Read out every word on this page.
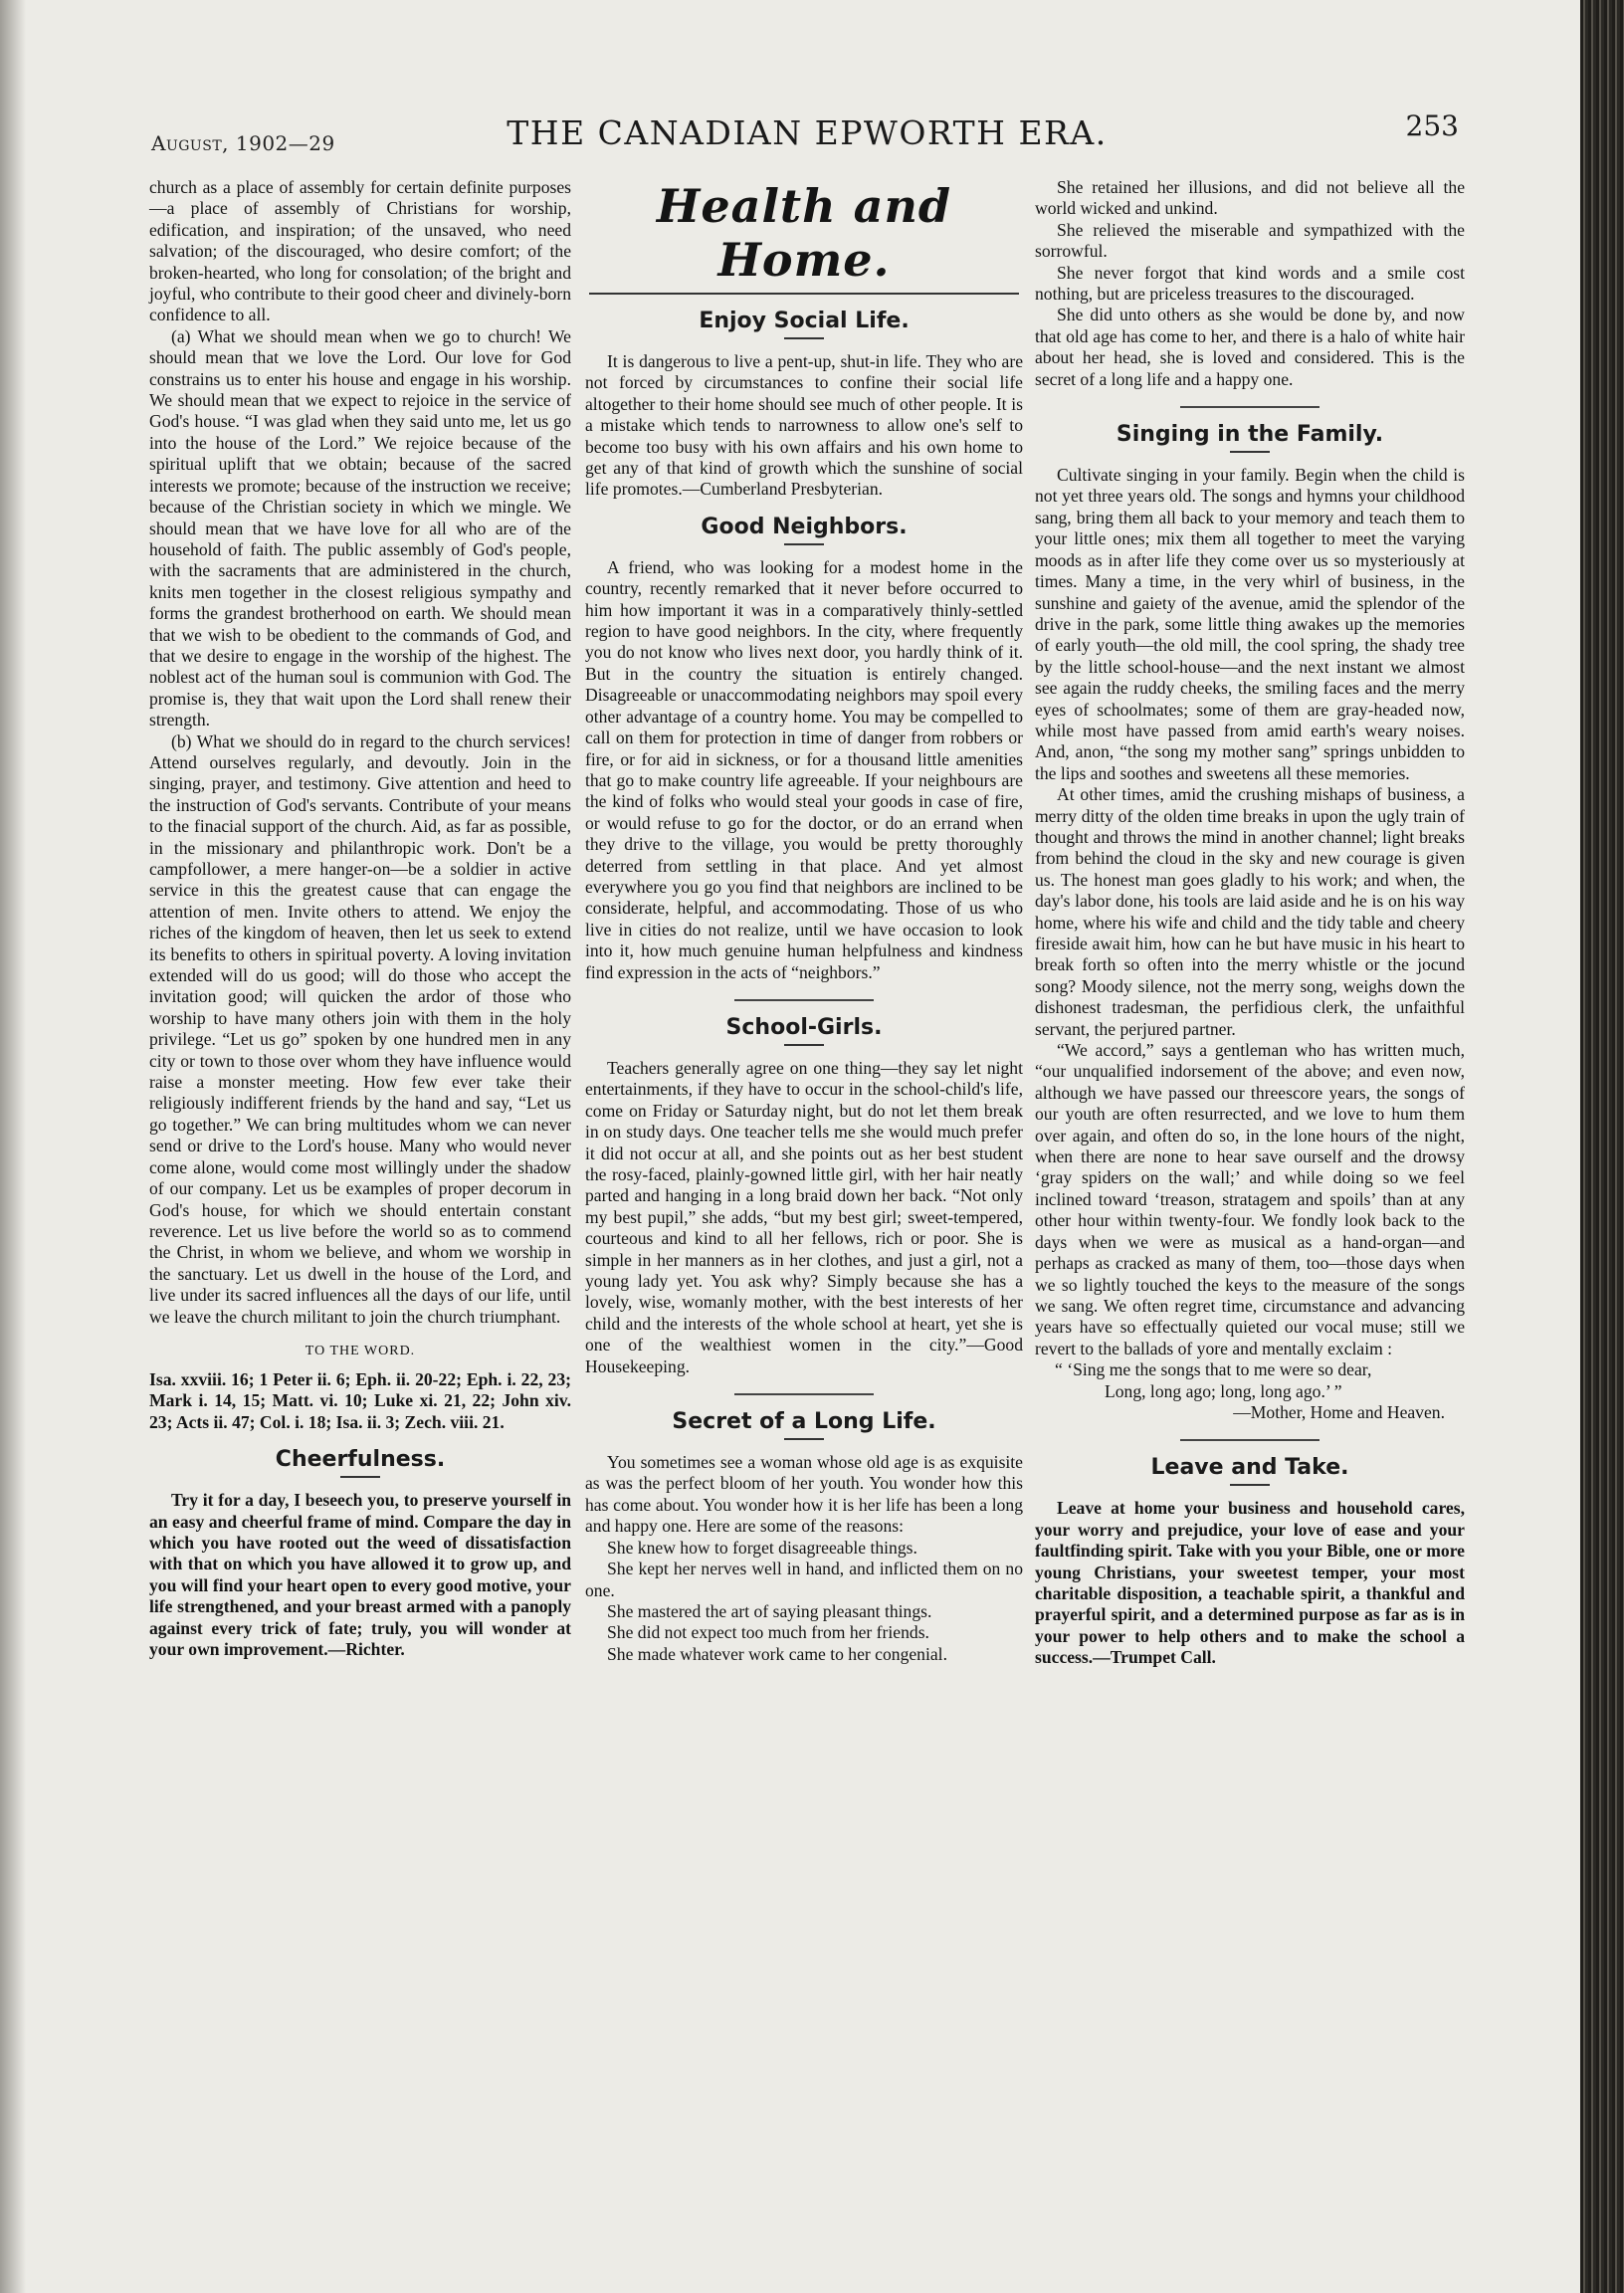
August, 1902—29	THE CANADIAN EPWORTH ERA.	253

church as a place of assembly for certain definite purposes—a place of assembly of Christians for worship, edification, and inspiration; of the unsaved, who need salvation; of the discouraged, who desire comfort; of the broken-hearted, who long for consolation; of the bright and joyful, who contribute to their good cheer and divinely-born confidence to all.

(a) What we should mean when we go to church! We should mean that we love the Lord. Our love for God constrains us to enter his house and engage in his worship. We should mean that we expect to rejoice in the service of God's house. “I was glad when they said unto me, let us go into the house of the Lord.” We rejoice because of the spiritual uplift that we obtain; because of the sacred interests we promote; because of the instruction we receive; because of the Christian society in which we mingle. We should mean that we have love for all who are of the household of faith. The public assembly of God's people, with the sacraments that are administered in the church, knits men together in the closest religious sympathy and forms the grandest brotherhood on earth. We should mean that we wish to be obedient to the commands of God, and that we desire to engage in the worship of the highest. The noblest act of the human soul is communion with God. The promise is, they that wait upon the Lord shall renew their strength.

(b) What we should do in regard to the church services! Attend ourselves regularly, and devoutly. Join in the singing, prayer, and testimony. Give attention and heed to the instruction of God's servants. Contribute of your means to the finacial support of the church. Aid, as far as possible, in the missionary and philanthropic work. Don't be a campfollower, a mere hanger-on—be a soldier in active service in this the greatest cause that can engage the attention of men. Invite others to attend. We enjoy the riches of the kingdom of heaven, then let us seek to extend its benefits to others in spiritual poverty. A loving invitation extended will do us good; will do those who accept the invitation good; will quicken the ardor of those who worship to have many others join with them in the holy privilege. “Let us go” spoken by one hundred men in any city or town to those over whom they have influence would raise a monster meeting. How few ever take their religiously indifferent friends by the hand and say, “Let us go together.” We can bring multitudes whom we can never send or drive to the Lord's house. Many who would never come alone, would come most willingly under the shadow of our company. Let us be examples of proper decorum in God's house, for which we should entertain constant reverence. Let us live before the world so as to commend the Christ, in whom we believe, and whom we worship in the sanctuary. Let us dwell in the house of the Lord, and live under its sacred influences all the days of our life, until we leave the church militant to join the church triumphant.

TO THE WORD.

Isa. xxviii. 16; 1 Peter ii. 6; Eph. ii. 20-22; Eph. i. 22, 23; Mark i. 14, 15; Matt. vi. 10; Luke xi. 21, 22; John xiv. 23; Acts ii. 47; Col. i. 18; Isa. ii. 3; Zech. viii. 21.

Cheerfulness.

Try it for a day, I beseech you, to preserve yourself in an easy and cheerful frame of mind. Compare the day in which you have rooted out the weed of dissatisfaction with that on which you have allowed it to grow up, and you will find your heart open to every good motive, your life strengthened, and your breast armed with a panoply against every trick of fate; truly, you will wonder at your own improvement.—Richter.

Health and Home.
Enjoy Social Life.

It is dangerous to live a pent-up, shut-in life. They who are not forced by circumstances to confine their social life altogether to their home should see much of other people. It is a mistake which tends to narrowness to allow one's self to become too busy with his own affairs and his own home to get any of that kind of growth which the sunshine of social life promotes.—Cumberland Presbyterian.

Good Neighbors.

A friend, who was looking for a modest home in the country, recently remarked that it never before occurred to him how important it was in a comparatively thinly-settled region to have good neighbors. In the city, where frequently you do not know who lives next door, you hardly think of it. But in the country the situation is entirely changed. Disagreeable or unaccommodating neighbors may spoil every other advantage of a country home. You may be compelled to call on them for protection in time of danger from robbers or fire, or for aid in sickness, or for a thousand little amenities that go to make country life agreeable. If your neighbours are the kind of folks who would steal your goods in case of fire, or would refuse to go for the doctor, or do an errand when they drive to the village, you would be pretty thoroughly deterred from settling in that place. And yet almost everywhere you go you find that neighbors are inclined to be considerate, helpful, and accommodating. Those of us who live in cities do not realize, until we have occasion to look into it, how much genuine human helpfulness and kindness find expression in the acts of “neighbors.”

School-Girls.

Teachers generally agree on one thing—they say let night entertainments, if they have to occur in the school-child's life, come on Friday or Saturday night, but do not let them break in on study days. One teacher tells me she would much prefer it did not occur at all, and she points out as her best student the rosy-faced, plainly-gowned little girl, with her hair neatly parted and hanging in a long braid down her back. “Not only my best pupil,” she adds, “but my best girl; sweet-tempered, courteous and kind to all her fellows, rich or poor. She is simple in her manners as in her clothes, and just a girl, not a young lady yet. You ask why? Simply because she has a lovely, wise, womanly mother, with the best interests of her child and the interests of the whole school at heart, yet she is one of the wealthiest women in the city.”—Good Housekeeping.

Secret of a Long Life.

You sometimes see a woman whose old age is as exquisite as was the perfect bloom of her youth. You wonder how this has come about. You wonder how it is her life has been a long and happy one. Here are some of the reasons:

She knew how to forget disagreeable things.

She kept her nerves well in hand, and inflicted them on no one.

She mastered the art of saying pleasant things.

She did not expect too much from her friends.

She made whatever work came to her congenial.

She retained her illusions, and did not believe all the world wicked and unkind.

She relieved the miserable and sympathized with the sorrowful.

She never forgot that kind words and a smile cost nothing, but are priceless treasures to the discouraged.

She did unto others as she would be done by, and now that old age has come to her, and there is a halo of white hair about her head, she is loved and considered. This is the secret of a long life and a happy one.

Singing in the Family.

Cultivate singing in your family. Begin when the child is not yet three years old. The songs and hymns your childhood sang, bring them all back to your memory and teach them to your little ones; mix them all together to meet the varying moods as in after life they come over us so mysteriously at times. Many a time, in the very whirl of business, in the sunshine and gaiety of the avenue, amid the splendor of the drive in the park, some little thing awakes up the memories of early youth—the old mill, the cool spring, the shady tree by the little school-house—and the next instant we almost see again the ruddy cheeks, the smiling faces and the merry eyes of schoolmates; some of them are gray-headed now, while most have passed from amid earth's weary noises. And, anon, “the song my mother sang” springs unbidden to the lips and soothes and sweetens all these memories.

At other times, amid the crushing mishaps of business, a merry ditty of the olden time breaks in upon the ugly train of thought and throws the mind in another channel; light breaks from behind the cloud in the sky and new courage is given us. The honest man goes gladly to his work; and when, the day's labor done, his tools are laid aside and he is on his way home, where his wife and child and the tidy table and cheery fireside await him, how can he but have music in his heart to break forth so often into the merry whistle or the jocund song? Moody silence, not the merry song, weighs down the dishonest tradesman, the perfidious clerk, the unfaithful servant, the perjured partner.

“We accord,” says a gentleman who has written much, “our unqualified indorsement of the above; and even now, although we have passed our threescore years, the songs of our youth are often resurrected, and we love to hum them over again, and often do so, in the lone hours of the night, when there are none to hear save ourself and the drowsy ‘gray spiders on the wall;’ and while doing so we feel inclined toward ‘treason, stratagem and spoils’ than at any other hour within twenty-four. We fondly look back to the days when we were as musical as a hand-organ—and perhaps as cracked as many of them, too—those days when we so lightly touched the keys to the measure of the songs we sang. We often regret time, circumstance and advancing years have so effectually quieted our vocal muse; still we revert to the ballads of yore and mentally exclaim :

“ ‘Sing me the songs that to me were so dear,

Long, long ago; long, long ago.’ ”

—Mother, Home and Heaven.

Leave and Take.

Leave at home your business and household cares, your worry and prejudice, your love of ease and your faultfinding spirit. Take with you your Bible, one or more young Christians, your sweetest temper, your most charitable disposition, a teachable spirit, a thankful and prayerful spirit, and a determined purpose as far as is in your power to help others and to make the school a success.—Trumpet Call.
